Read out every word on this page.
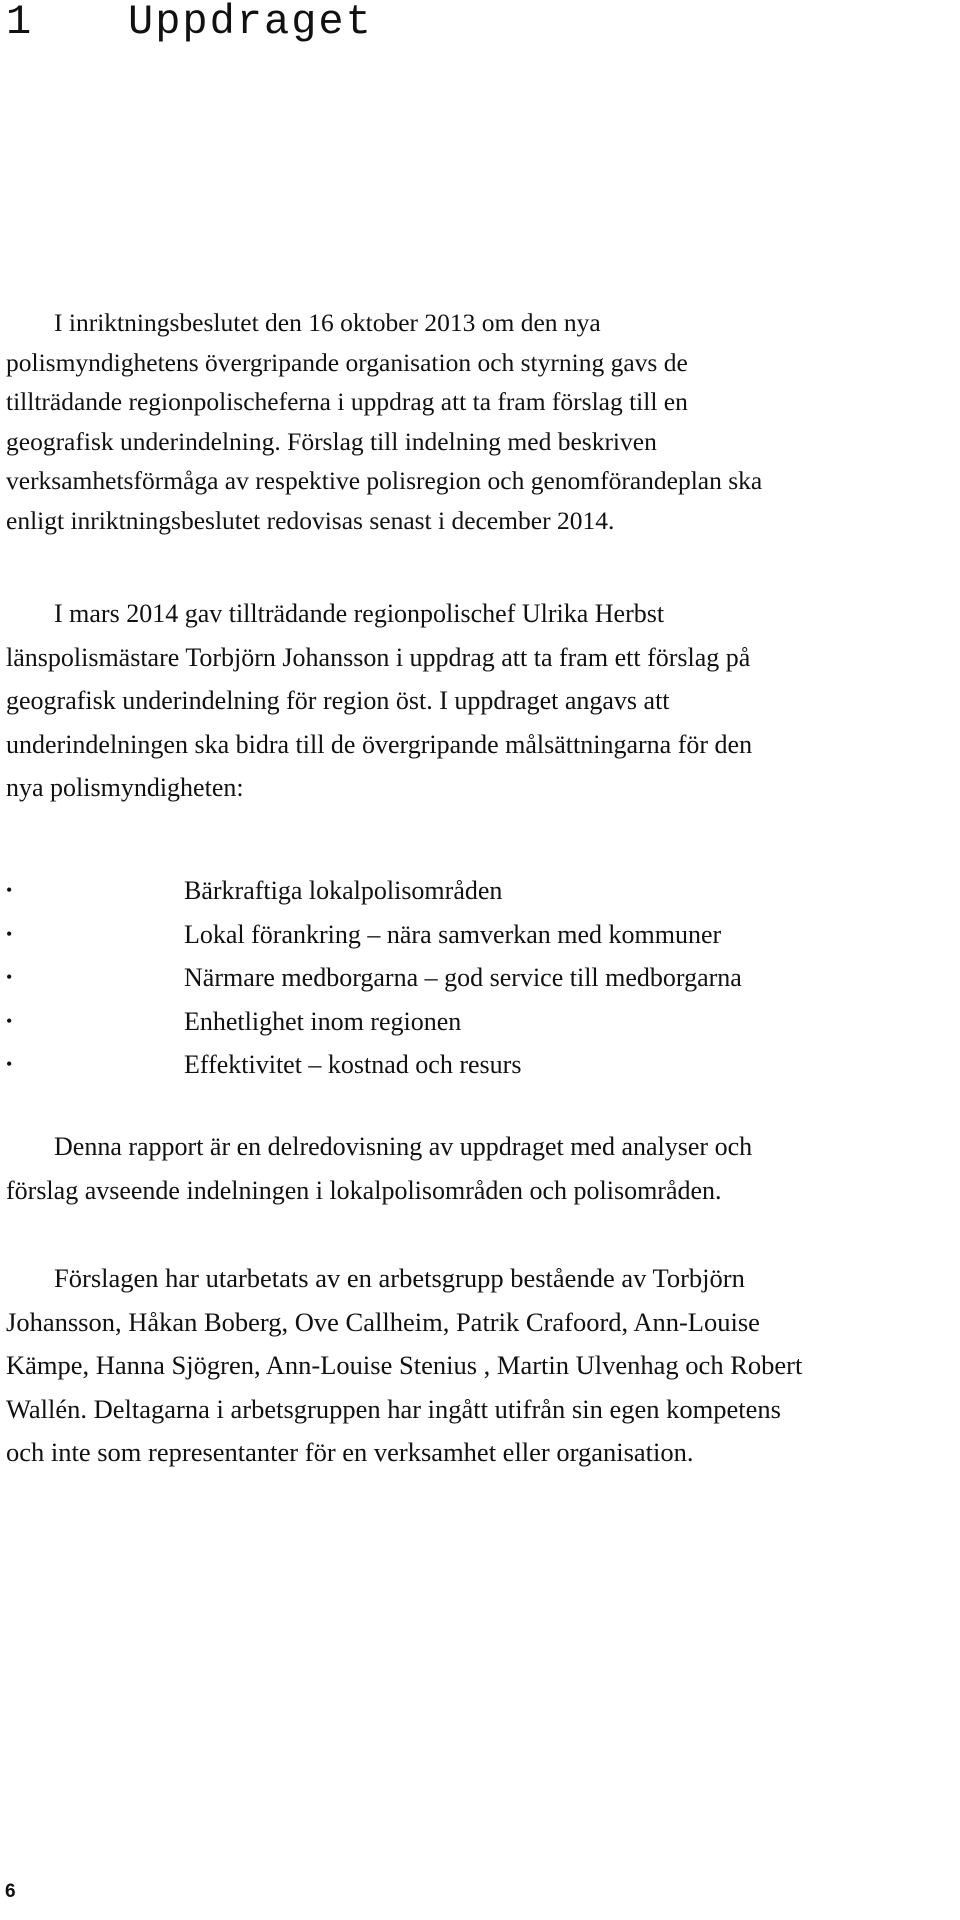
1 Uppdraget

I inriktningsbeslutet den 16 oktober 2013 om den nya
polismyndighetens övergripande organisation och styrning gavs de
tillträdande regionpolischeferna i uppdrag att ta fram förslag till en
geografisk underindelning. Förslag till indelning med beskriven
verksamhetsförmåga av respektive polisregion och genomförandeplan ska
enligt inriktningsbeslutet redovisas senast i december 2014.

I mars 2014 gav tillträdande regionpolischef Ulrika Herbst
länspolismästare Torbjörn Johansson i uppdrag att ta fram ett förslag på
geografisk underindelning för region öst. I uppdraget angavs att
underindelningen ska bidra till de övergripande målsättningarna för den
nya polismyndigheten:

•	Bärkraftiga lokalpolisområden
•	Lokal förankring – nära samverkan med kommuner
•	Närmare medborgarna – god service till medborgarna
•	Enhetlighet inom regionen
•	Effektivitet – kostnad och resurs

Denna rapport är en delredovisning av uppdraget med analyser och
förslag avseende indelningen i lokalpolisområden och polisområden.

Förslagen har utarbetats av en arbetsgrupp bestående av Torbjörn
Johansson, Håkan Boberg, Ove Callheim, Patrik Crafoord, Ann-Louise
Kämpe, Hanna Sjögren, Ann-Louise Stenius , Martin Ulvenhag och Robert
Wallén. Deltagarna i arbetsgruppen har ingått utifrån sin egen kompetens
och inte som representanter för en verksamhet eller organisation.

6
